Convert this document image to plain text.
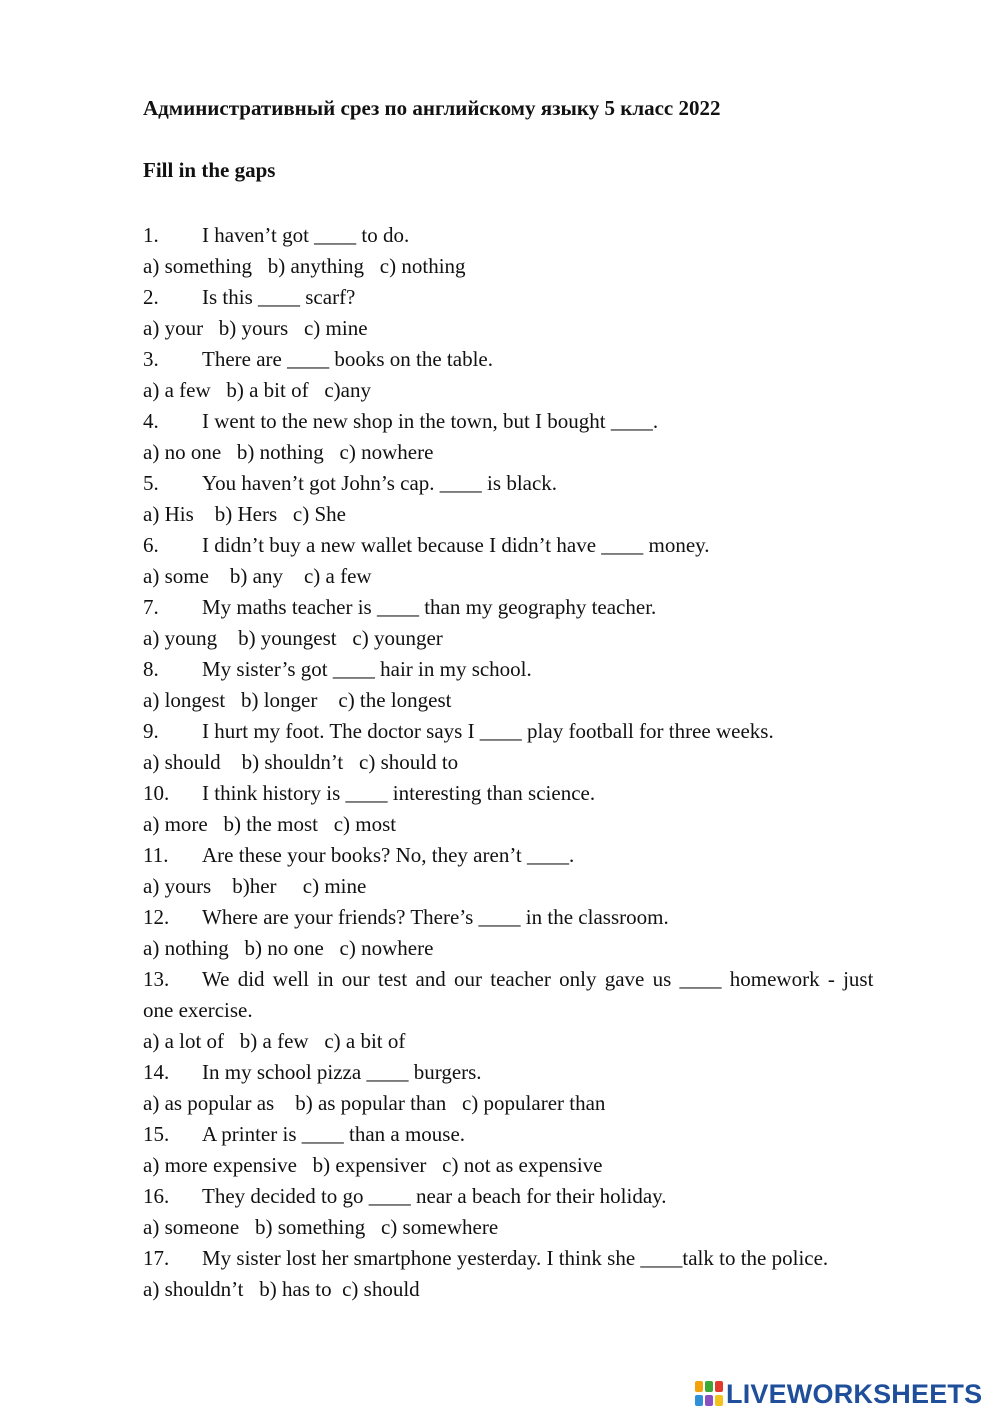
Административный срез по английскому языку 5 класс 2022
Fill in the gaps
1. I haven’t got ____ to do.
a) something   b) anything   c) nothing
2. Is this ____ scarf?
a) your   b) yours   c) mine
3. There are ____ books on the table.
a) a few   b) a bit of   c)any
4. I went to the new shop in the town, but I bought ____.
a) no one   b) nothing   c) nowhere
5. You haven’t got John’s cap. ____ is black.
a) His    b) Hers   c) She
6. I didn’t buy a new wallet because I didn’t have ____ money.
a) some    b) any    c) a few
7. My maths teacher is ____ than my geography teacher.
a) young    b) youngest   c) younger
8. My sister’s got ____ hair in my school.
a) longest   b) longer    c) the longest
9. I hurt my foot. The doctor says I ____ play football for three weeks.
a) should    b) shouldn’t   c) should to
10. I think history is ____ interesting than science.
a) more   b) the most   c) most
11. Are these your books? No, they aren’t ____.
a) yours    b)her     c) mine
12. Where are your friends? There’s ____ in the classroom.
a) nothing   b) no one   c) nowhere
13. We did well in our test and our teacher only gave us ____ homework - just
one exercise.
a) a lot of   b) a few   c) a bit of
14. In my school pizza ____ burgers.
a) as popular as    b) as popular than   c) popularer than
15. A printer is ____ than a mouse.
a) more expensive   b) expensiver   c) not as expensive
16. They decided to go ____ near a beach for their holiday.
a) someone   b) something   c) somewhere
17. My sister lost her smartphone yesterday. I think she ____talk to the police.
a) shouldn’t   b) has to  c) should
LIVEWORKSHEETS
